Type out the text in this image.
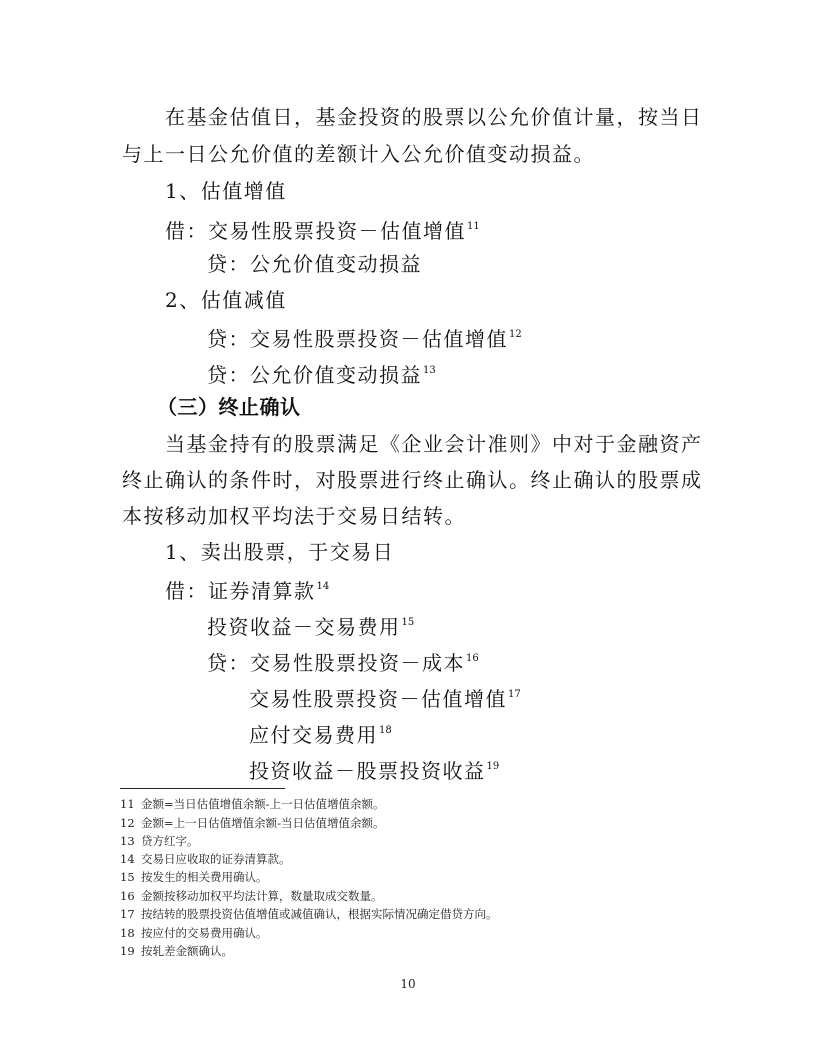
在基金估值日，基金投资的股票以公允价值计量，按当日
与上一日公允价值的差额计入公允价值变动损益。
1、估值增值
借：交易性股票投资－估值增值$^{11}$
贷：公允价值变动损益
2、估值减值
贷：交易性股票投资－估值增值$^{12}$
贷：公允价值变动损益$^{13}$
（三）终止确认
当基金持有的股票满足《企业会计准则》中对于金融资产
终止确认的条件时，对股票进行终止确认。终止确认的股票成
本按移动加权平均法于交易日结转。
1、卖出股票，于交易日
借：证券清算款$^{14}$
投资收益－交易费用$^{15}$
贷：交易性股票投资－成本$^{16}$
交易性股票投资－估值增值$^{17}$
应付交易费用$^{18}$
投资收益－股票投资收益$^{19}$
11 金额=当日估值增值余额-上一日估值增值余额。
12 金额=上一日估值增值余额-当日估值增值余额。
13 贷方红字。
14 交易日应收取的证券清算款。
15 按发生的相关费用确认。
16 金额按移动加权平均法计算，数量取成交数量。
17 按结转的股票投资估值增值或减值确认，根据实际情况确定借贷方向。
18 按应付的交易费用确认。
19 按轧差金额确认。
10
